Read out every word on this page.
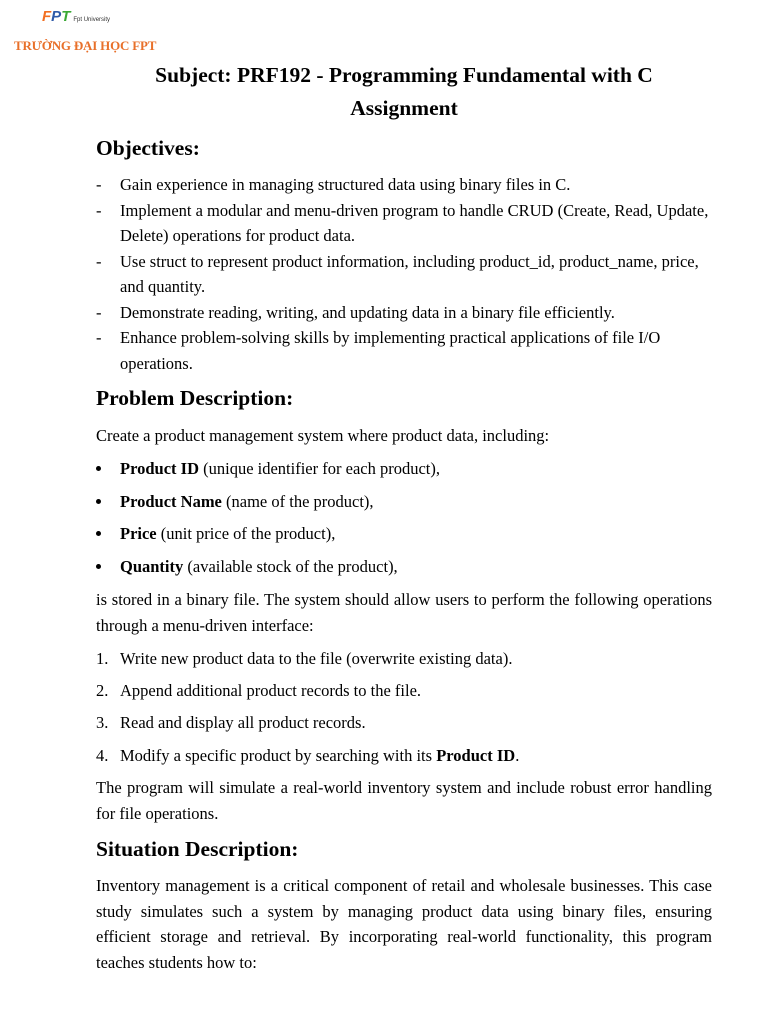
F P T Fpt University
TRƯỜNG ĐẠI HỌC FPT
Subject: PRF192 - Programming Fundamental with C
Assignment
Objectives:
- Gain experience in managing structured data using binary files in C.
- Implement a modular and menu-driven program to handle CRUD (Create, Read, Update, Delete) operations for product data.
- Use struct to represent product information, including product_id, product_name, price, and quantity.
- Demonstrate reading, writing, and updating data in a binary file efficiently.
- Enhance problem-solving skills by implementing practical applications of file I/O operations.
Problem Description:

Create a product management system where product data, including:

Product ID (unique identifier for each product),
Product Name (name of the product),
Price (unit price of the product),
Quantity (available stock of the product),

is stored in a binary file. The system should allow users to perform the following operations through a menu-driven interface:

1. Write new product data to the file (overwrite existing data).
2. Append additional product records to the file.
3. Read and display all product records.
4. Modify a specific product by searching with its Product ID.

The program will simulate a real-world inventory system and include robust error handling for file operations.

Situation Description:

Inventory management is a critical component of retail and wholesale businesses. This case study simulates such a system by managing product data using binary files, ensuring efficient storage and retrieval. By incorporating real-world functionality, this program teaches students how to:
